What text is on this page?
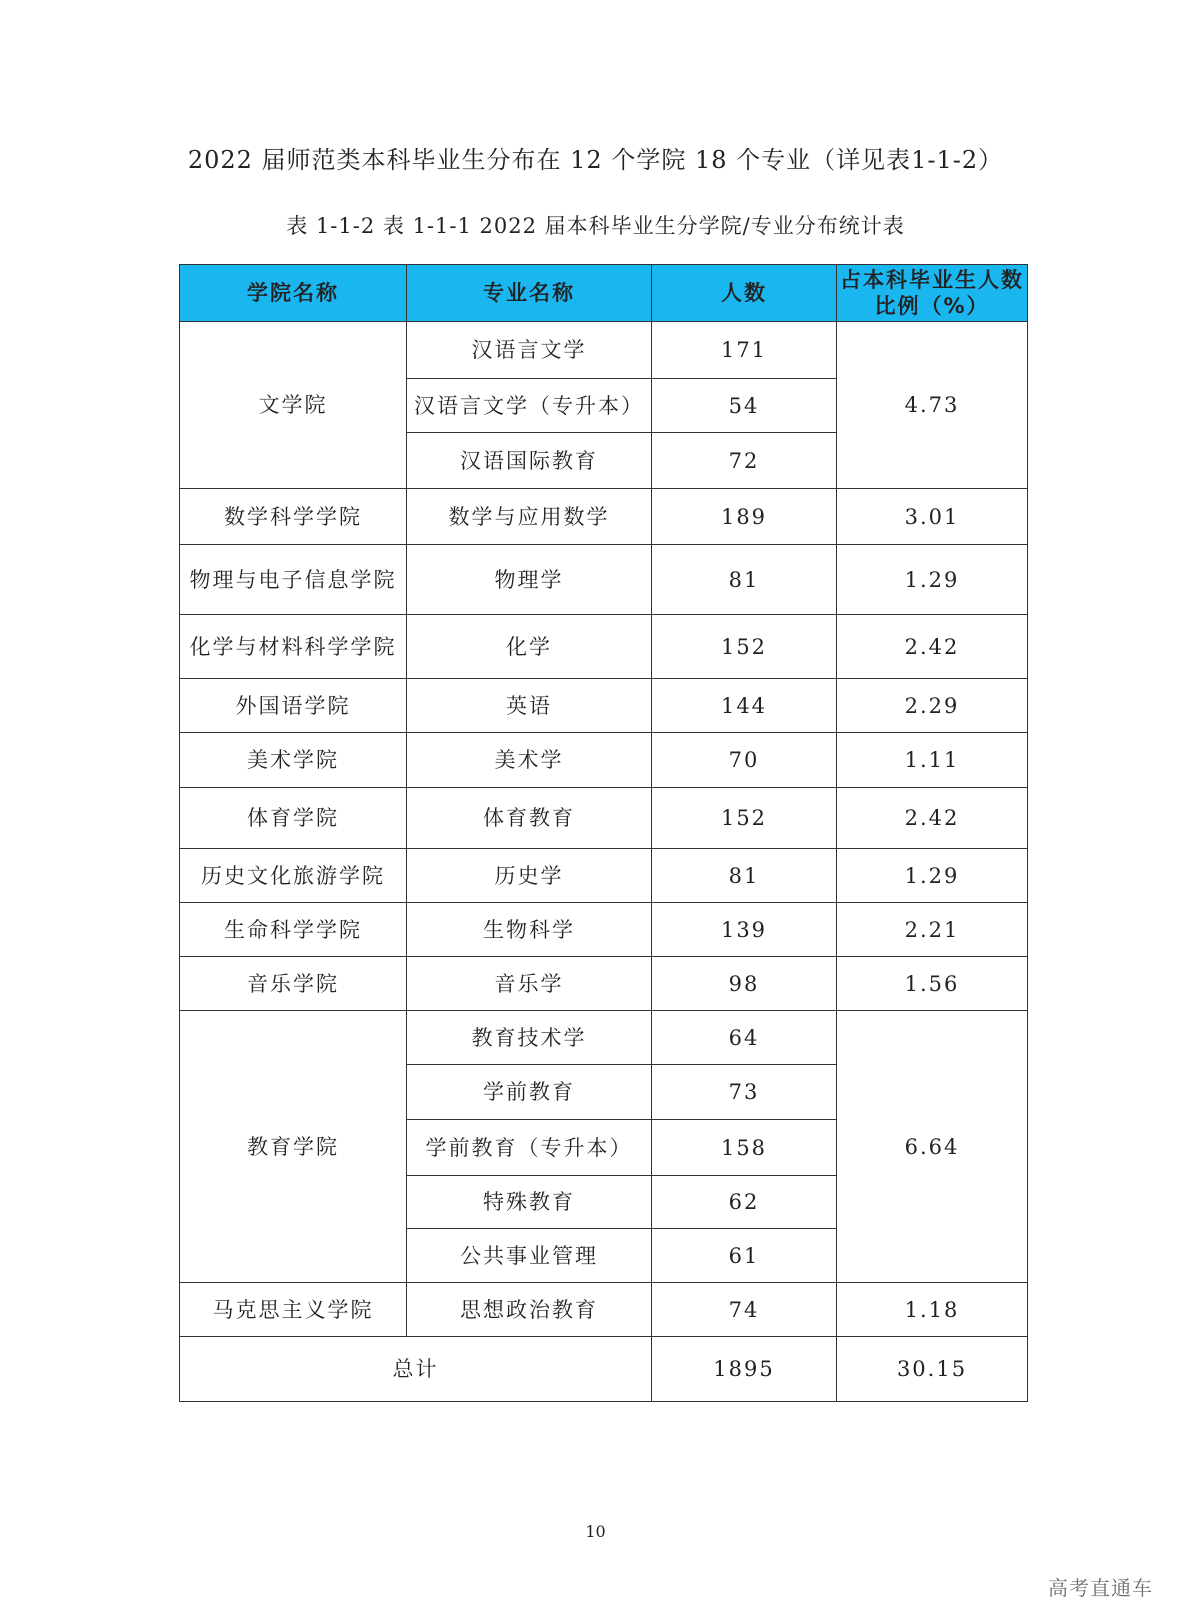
2022 届师范类本科毕业生分布在 12 个学院 18 个专业（详见表1-1-2）
表 1-1-2 表 1-1-1 2022 届本科毕业生分学院/专业分布统计表
学院名称	专业名称	人数	占本科毕业生人数比例（%）
文学院	汉语言文学	171	4.73
	汉语言文学（专升本）	54	
	汉语国际教育	72	
数学科学学院	数学与应用数学	189	3.01
物理与电子信息学院	物理学	81	1.29
化学与材料科学学院	化学	152	2.42
外国语学院	英语	144	2.29
美术学院	美术学	70	1.11
体育学院	体育教育	152	2.42
历史文化旅游学院	历史学	81	1.29
生命科学学院	生物科学	139	2.21
音乐学院	音乐学	98	1.56
教育学院	教育技术学	64	6.64
	学前教育	73	
	学前教育（专升本）	158	
	特殊教育	62	
	公共事业管理	61	
马克思主义学院	思想政治教育	74	1.18
总计		1895	30.15
10
高考直通车
